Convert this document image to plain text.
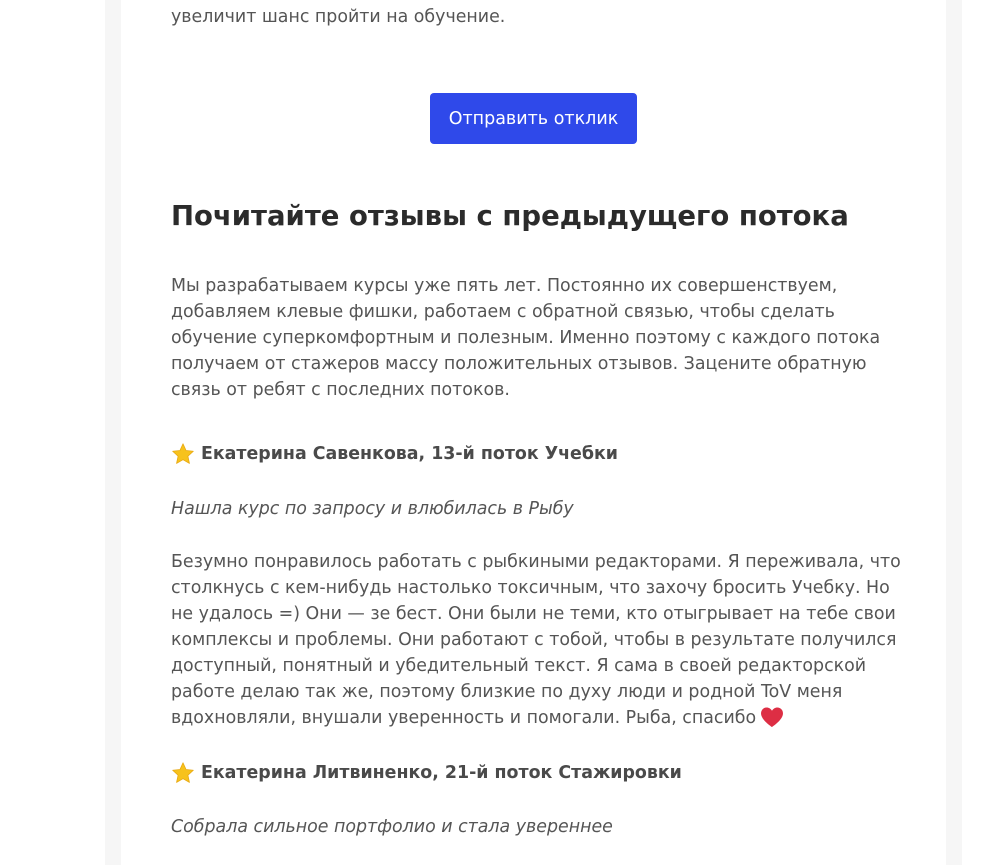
увеличит шанс пройти на обучение.

Отправить отклик
Почитайте отзывы с предыдущего потока

Мы разрабатываем курсы уже пять лет. Постоянно их совершенствуем, добавляем клевые фишки, работаем с обратной связью, чтобы сделать обучение суперкомфортным и полезным. Именно поэтому с каждого потока получаем от стажеров массу положительных отзывов. Зацените обратную связь от ребят с последних потоков.

Екатерина Савенкова, 13-й поток Учебки
Нашла курс по запросу и влюбилась в Рыбу

Безумно понравилось работать с рыбкиными редакторами. Я переживала, что столкнусь с кем-нибудь настолько токсичным, что захочу бросить Учебку. Но не удалось =) Они — зе бест. Они были не теми, кто отыгрывает на тебе свои комплексы и проблемы. Они работают с тобой, чтобы в результате получился доступный, понятный и убедительный текст. Я сама в своей редакторской работе делаю так же, поэтому близкие по духу люди и родной ToV меня вдохновляли, внушали уверенность и помогали. Рыба, спасибо

Екатерина Литвиненко, 21-й поток Стажировки
Собрала сильное портфолио и стала увереннее
